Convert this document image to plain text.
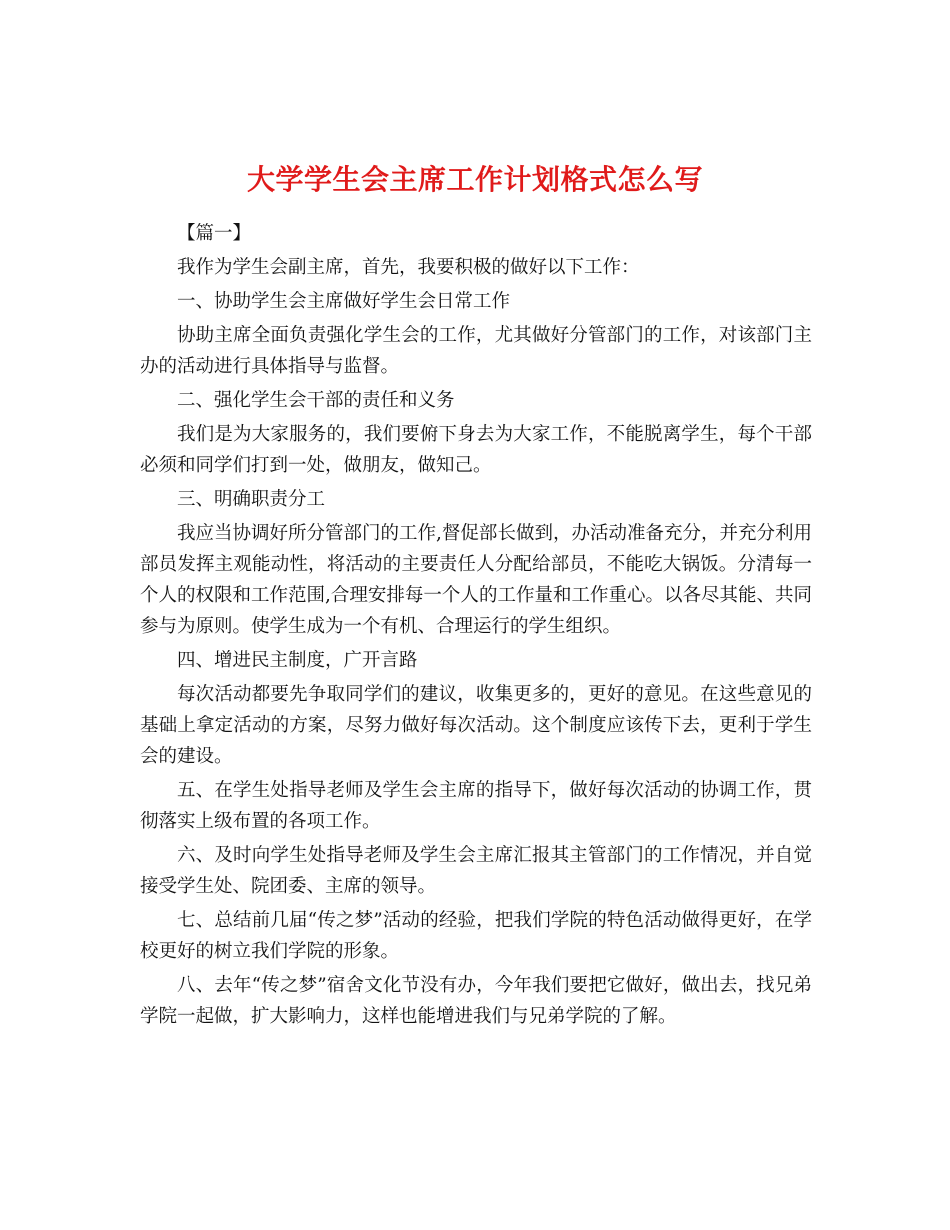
大学学生会主席工作计划格式怎么写

【篇一】

我作为学生会副主席，首先，我要积极的做好以下工作：

一、协助学生会主席做好学生会日常工作

协助主席全面负责强化学生会的工作，尤其做好分管部门的工作，对该部门主办的活动进行具体指导与监督。

二、强化学生会干部的责任和义务

我们是为大家服务的，我们要俯下身去为大家工作，不能脱离学生，每个干部必须和同学们打到一处，做朋友，做知己。

三、明确职责分工

我应当协调好所分管部门的工作,督促部长做到，办活动准备充分，并充分利用部员发挥主观能动性，将活动的主要责任人分配给部员，不能吃大锅饭。分清每一个人的权限和工作范围,合理安排每一个人的工作量和工作重心。以各尽其能、共同参与为原则。使学生成为一个有机、合理运行的学生组织。

四、增进民主制度，广开言路

每次活动都要先争取同学们的建议，收集更多的，更好的意见。在这些意见的基础上拿定活动的方案，尽努力做好每次活动。这个制度应该传下去，更利于学生会的建设。

五、在学生处指导老师及学生会主席的指导下，做好每次活动的协调工作，贯彻落实上级布置的各项工作。

六、及时向学生处指导老师及学生会主席汇报其主管部门的工作情况，并自觉接受学生处、院团委、主席的领导。

七、总结前几届“传之梦”活动的经验，把我们学院的特色活动做得更好，在学校更好的树立我们学院的形象。

八、去年“传之梦”宿舍文化节没有办，今年我们要把它做好，做出去，找兄弟学院一起做，扩大影响力，这样也能增进我们与兄弟学院的了解。
